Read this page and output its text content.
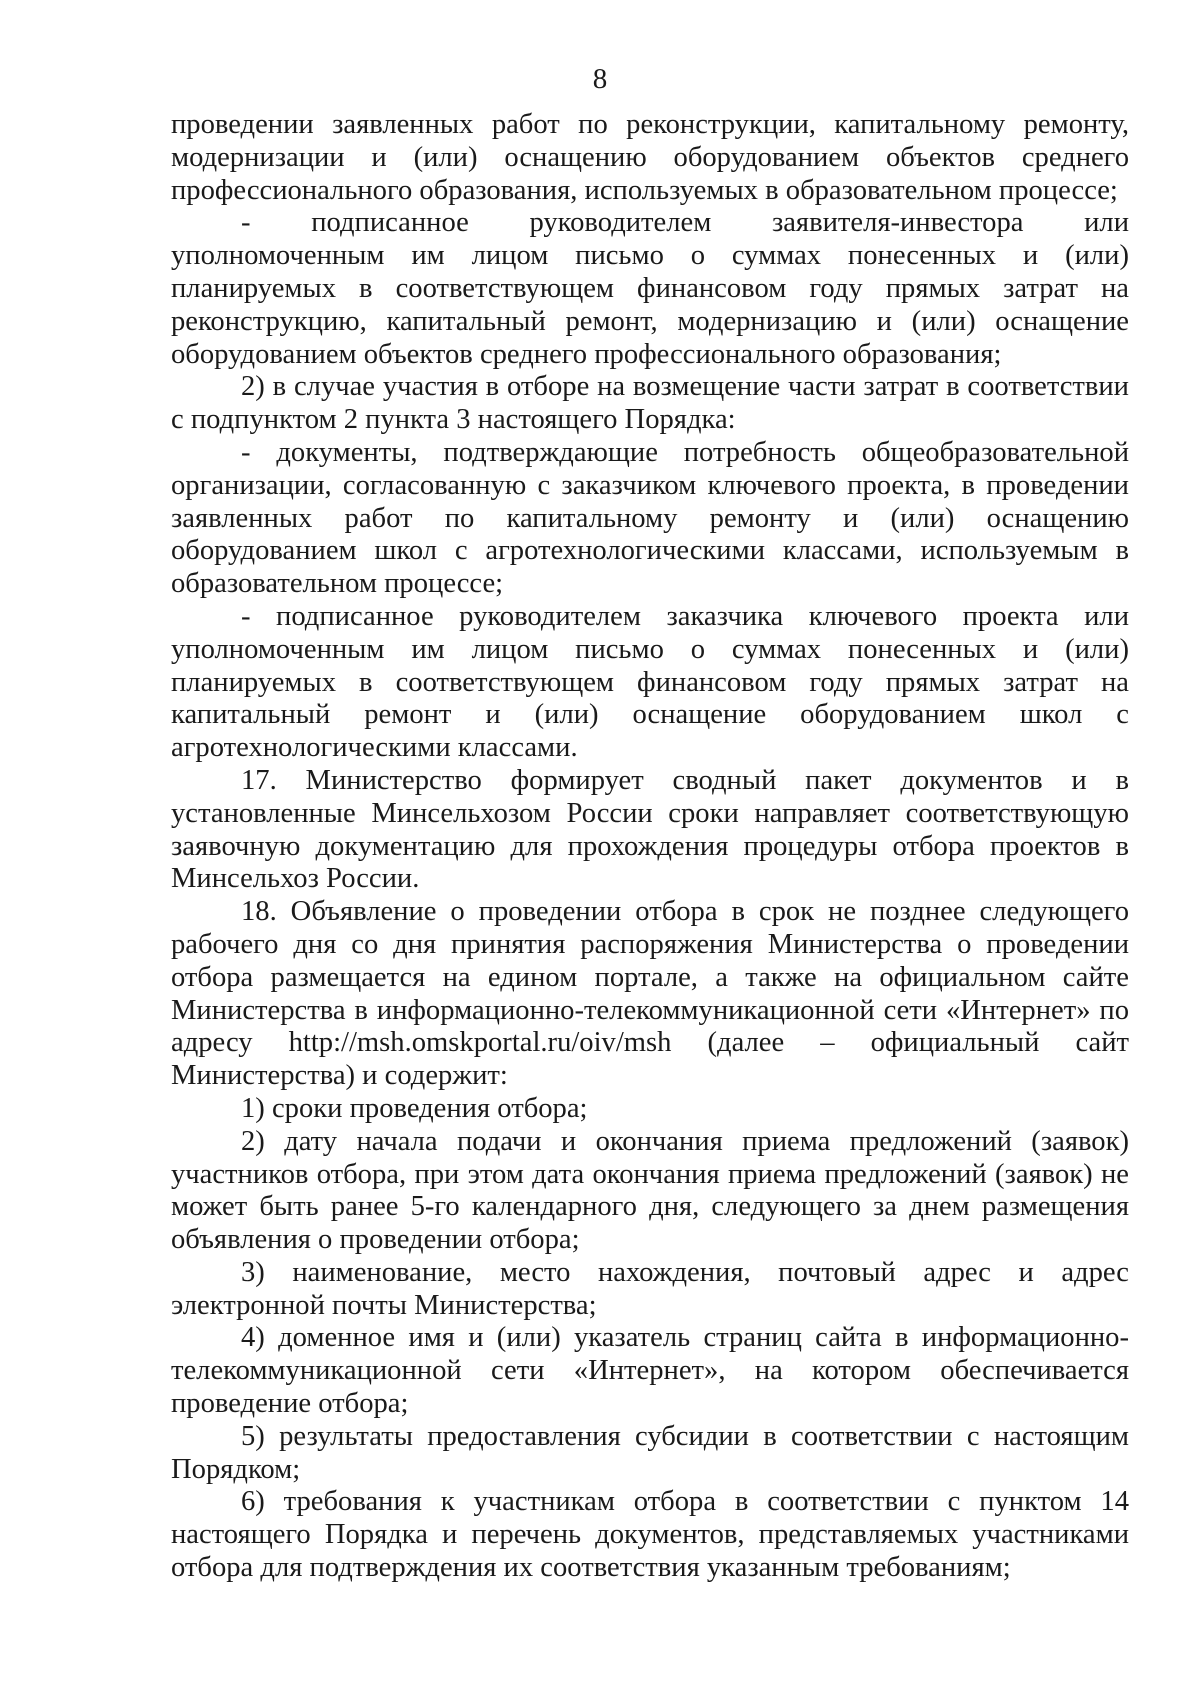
8

проведении заявленных работ по реконструкции, капитальному ремонту, модернизации и (или) оснащению оборудованием объектов среднего профессионального образования, используемых в образовательном процессе;

- подписанное руководителем заявителя-инвестора или уполномоченным им лицом письмо о суммах понесенных и (или) планируемых в соответствующем финансовом году прямых затрат на реконструкцию, капитальный ремонт, модернизацию и (или) оснащение оборудованием объектов среднего профессионального образования;

2) в случае участия в отборе на возмещение части затрат в соответствии с подпунктом 2 пункта 3 настоящего Порядка:

- документы, подтверждающие потребность общеобразовательной организации, согласованную с заказчиком ключевого проекта, в проведении заявленных работ по капитальному ремонту и (или) оснащению оборудованием школ с агротехнологическими классами, используемым в образовательном процессе;

- подписанное руководителем заказчика ключевого проекта или уполномоченным им лицом письмо о суммах понесенных и (или) планируемых в соответствующем финансовом году прямых затрат на капитальный ремонт и (или) оснащение оборудованием школ с агротехнологическими классами.

17. Министерство формирует сводный пакет документов и в установленные Минсельхозом России сроки направляет соответствующую заявочную документацию для прохождения процедуры отбора проектов в Минсельхоз России.

18. Объявление о проведении отбора в срок не позднее следующего рабочего дня со дня принятия распоряжения Министерства о проведении отбора размещается на едином портале, а также на официальном сайте Министерства в информационно-телекоммуникационной сети «Интернет» по адресу http://msh.omskportal.ru/oiv/msh (далее – официальный сайт Министерства) и содержит:

1) сроки проведения отбора;

2) дату начала подачи и окончания приема предложений (заявок) участников отбора, при этом дата окончания приема предложений (заявок) не может быть ранее 5-го календарного дня, следующего за днем размещения объявления о проведении отбора;

3) наименование, место нахождения, почтовый адрес и адрес электронной почты Министерства;

4) доменное имя и (или) указатель страниц сайта в информационно-телекоммуникационной сети «Интернет», на котором обеспечивается проведение отбора;

5) результаты предоставления субсидии в соответствии с настоящим Порядком;

6) требования к участникам отбора в соответствии с пунктом 14 настоящего Порядка и перечень документов, представляемых участниками отбора для подтверждения их соответствия указанным требованиям;
